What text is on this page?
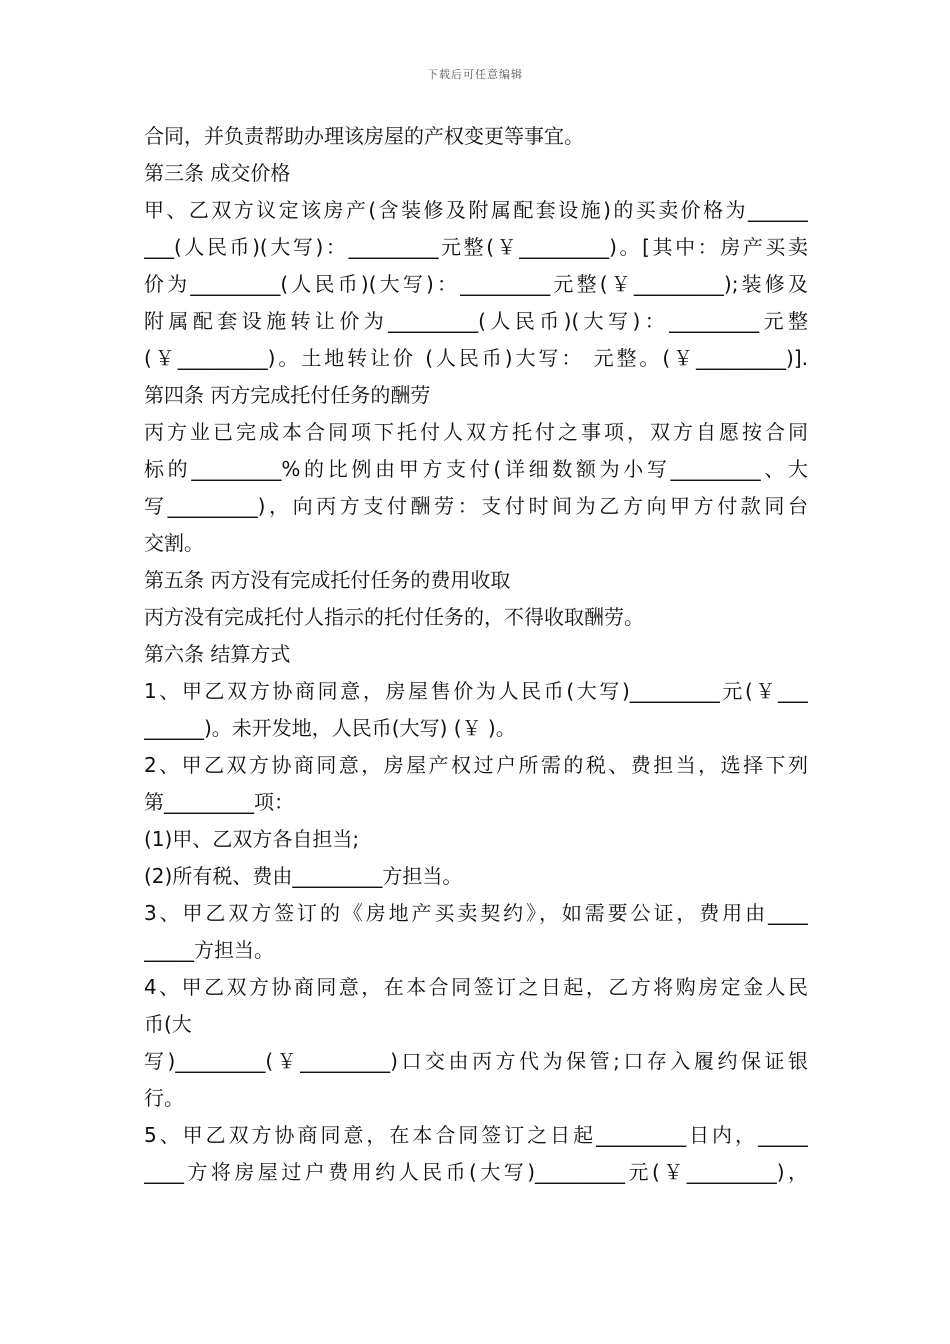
下载后可任意编辑
合同，并负责帮助办理该房屋的产权变更等事宜。
第三条 成交价格
甲、乙双方议定该房产(含装修及附属配套设施)的买卖价格为______
___(人民币)(大写)：_________元整(￥_________)。[其中：房产买卖
价为_________(人民币)(大写)：_________元整(￥_________);装修及
附属配套设施转让价为_________(人民币)(大写)：_________元整
(￥_________)。土地转让价 (人民币)大写： 元整。(￥_________)].
第四条 丙方完成托付任务的酬劳
丙方业已完成本合同项下托付人双方托付之事项，双方自愿按合同
标的_________%的比例由甲方支付(详细数额为小写_________、大
写_________)，向丙方支付酬劳：支付时间为乙方向甲方付款同台
交割。
第五条 丙方没有完成托付任务的费用收取
丙方没有完成托付人指示的托付任务的，不得收取酬劳。
第六条 结算方式
1、甲乙双方协商同意，房屋售价为人民币(大写)_________元(￥___
______)。未开发地，人民币(大写) (￥ )。
2、甲乙双方协商同意，房屋产权过户所需的税、费担当，选择下列
第_________项：
(1)甲、乙双方各自担当;
(2)所有税、费由_________方担当。
3、甲乙双方签订的《房地产买卖契约》，如需要公证，费用由____
_____方担当。
4、甲乙双方协商同意，在本合同签订之日起，乙方将购房定金人民
币(大
写)_________(￥_________)口交由丙方代为保管;口存入履约保证银
行。
5、甲乙双方协商同意，在本合同签订之日起_________日内，_____
____方将房屋过户费用约人民币(大写)_________元(￥_________)，
